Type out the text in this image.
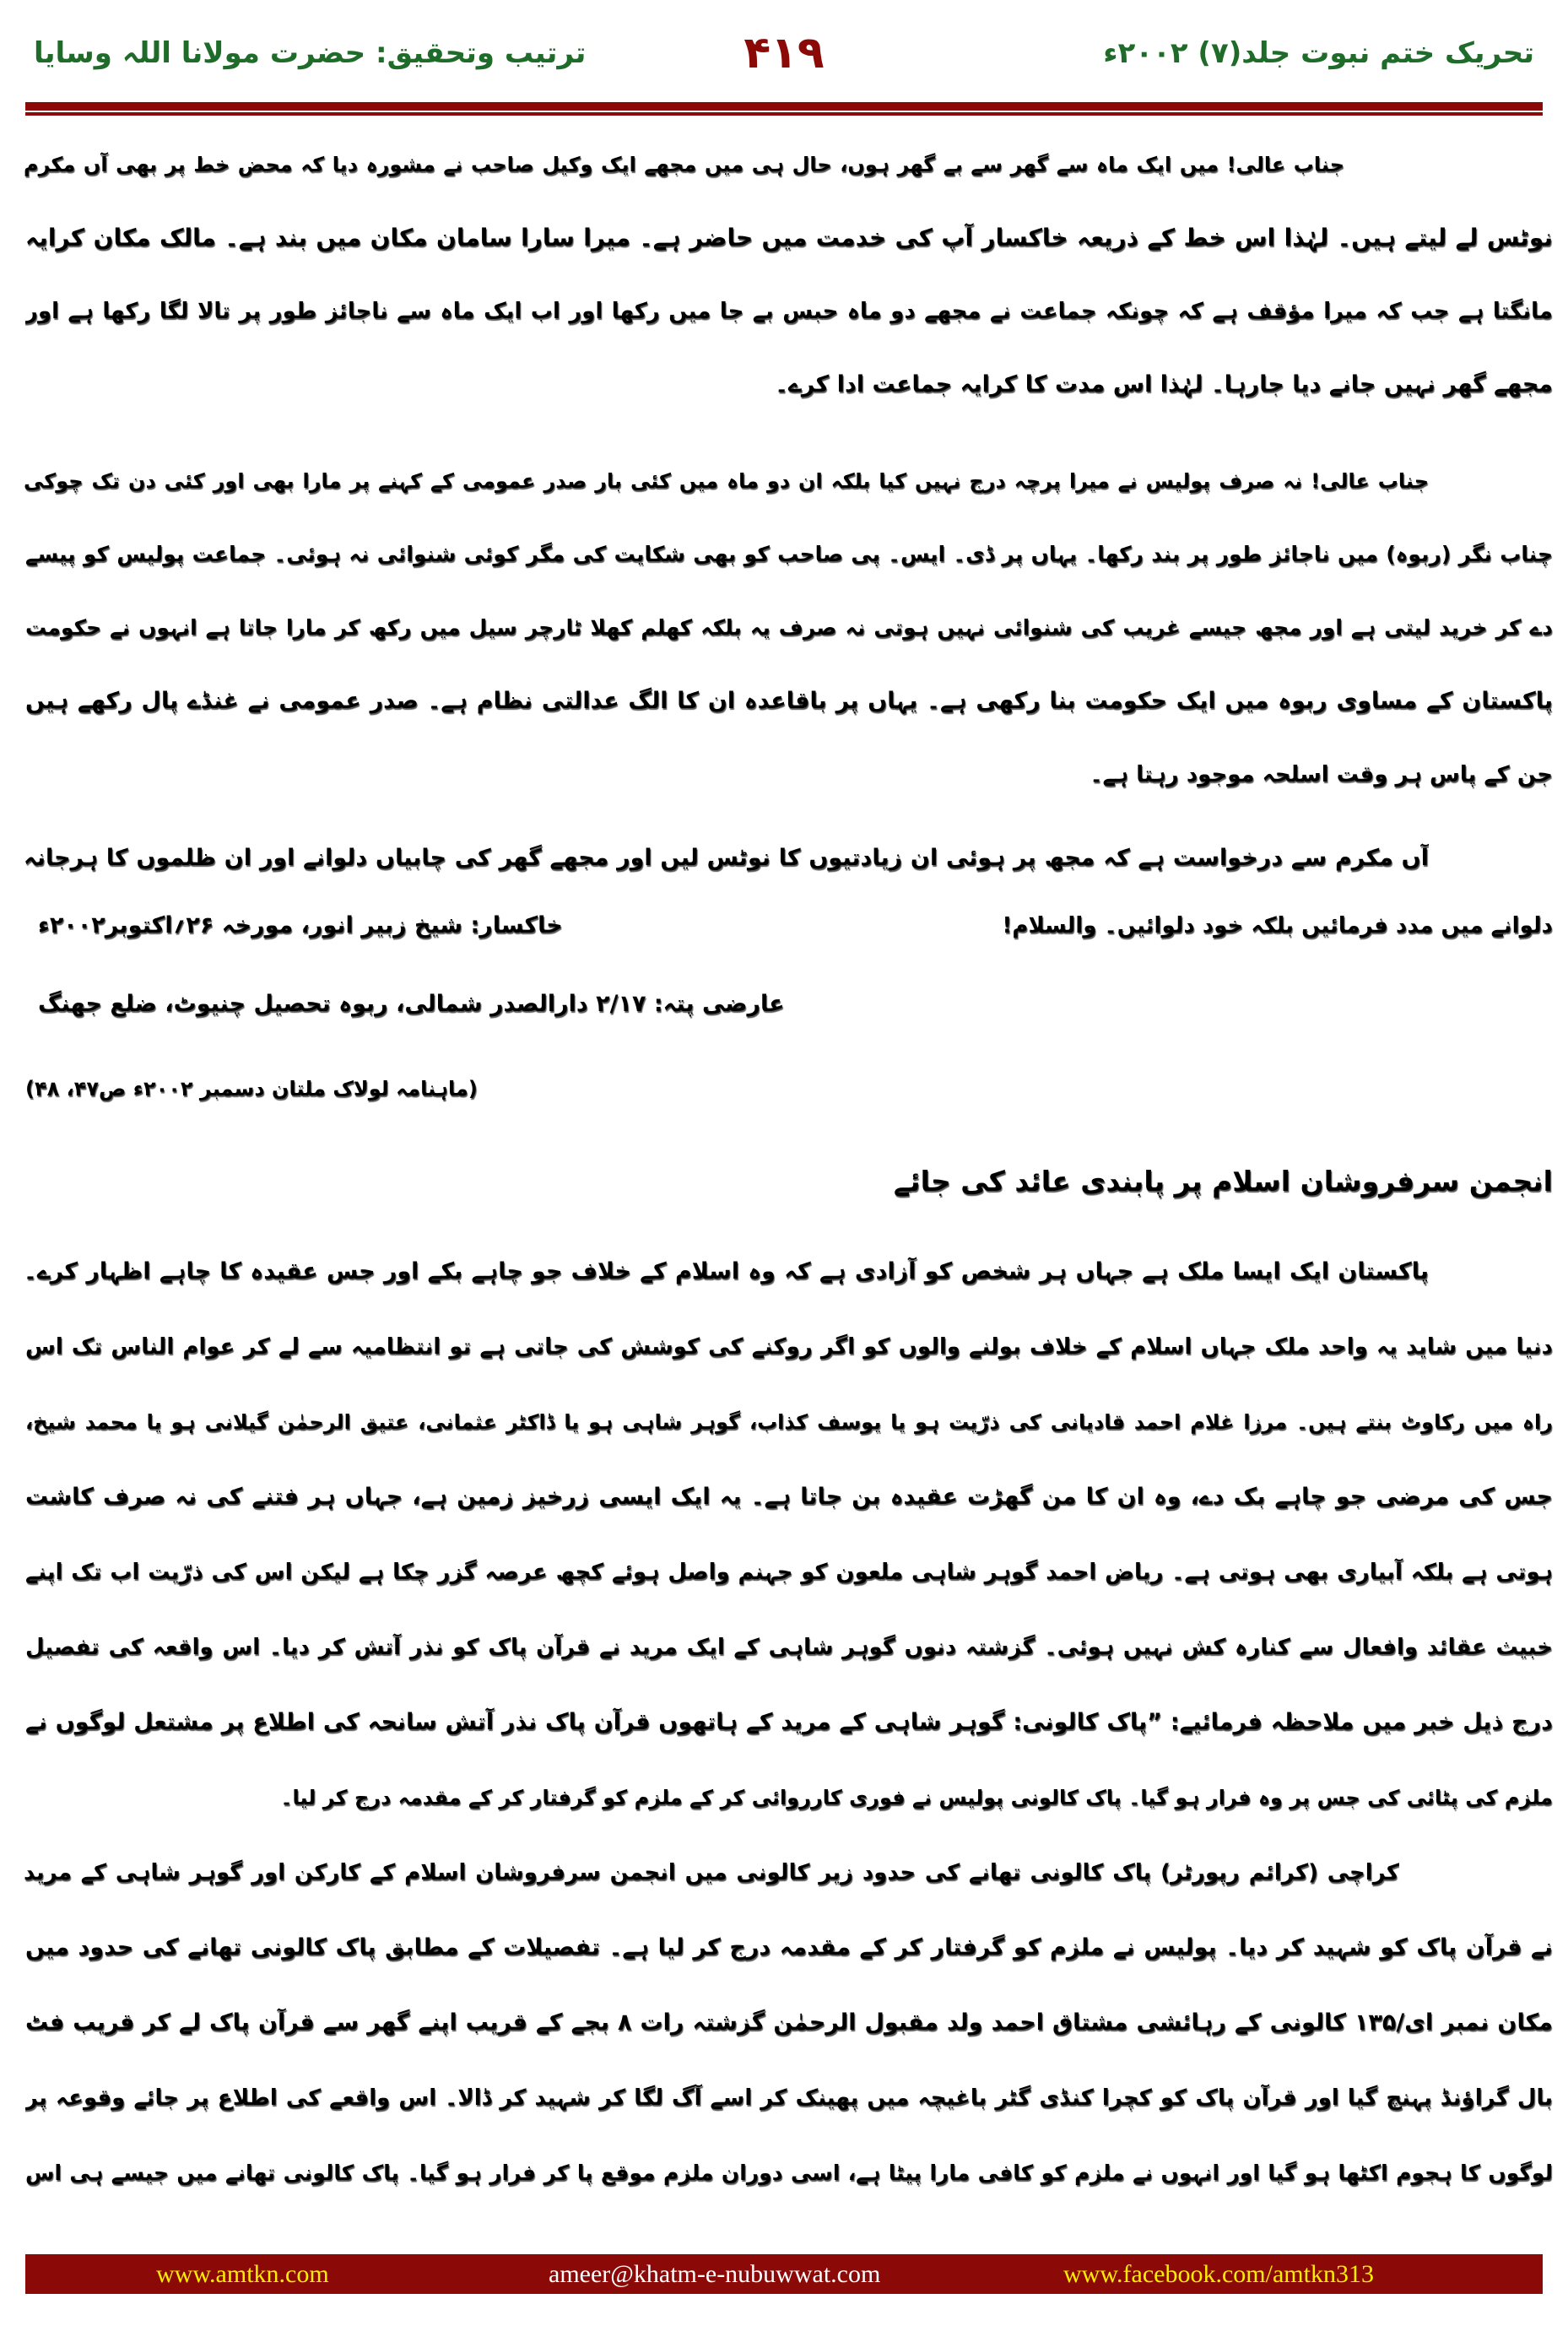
تحریک ختم نبوت جلد(۷) ۲۰۰۲ء
۴۱۹
ترتیب وتحقیق: حضرت مولانا اللہ وسایا
جناب عالی! میں ایک ماہ سے گھر سے بے گھر ہوں، حال ہی میں مجھے ایک وکیل صاحب نے مشورہ دیا کہ محض خط پر بھی آں مکرم
نوٹس لے لیتے ہیں۔ لہٰذا اس خط کے ذریعہ خاکسار آپ کی خدمت میں حاضر ہے۔ میرا سارا سامان مکان میں بند ہے۔ مالک مکان کرایہ
مانگتا ہے جب کہ میرا مؤقف ہے کہ چونکہ جماعت نے مجھے دو ماہ حبس بے جا میں رکھا اور اب ایک ماہ سے ناجائز طور پر تالا لگا رکھا ہے اور
مجھے گھر نہیں جانے دیا جارہا۔ لہٰذا اس مدت کا کرایہ جماعت ادا کرے۔
جناب عالی! نہ صرف پولیس نے میرا پرچہ درج نہیں کیا بلکہ ان دو ماہ میں کئی بار صدر عمومی کے کہنے پر مارا بھی اور کئی دن تک چوکی
چناب نگر (ربوہ) میں ناجائز طور پر بند رکھا۔ یہاں پر ڈی۔ ایس۔ پی صاحب کو بھی شکایت کی مگر کوئی شنوائی نہ ہوئی۔ جماعت پولیس کو پیسے
دے کر خرید لیتی ہے اور مجھ جیسے غریب کی شنوائی نہیں ہوتی نہ صرف یہ بلکہ کھلم کھلا ٹارچر سیل میں رکھ کر مارا جاتا ہے انہوں نے حکومت
پاکستان کے مساوی ربوہ میں ایک حکومت بنا رکھی ہے۔ یہاں پر باقاعدہ ان کا الگ عدالتی نظام ہے۔ صدر عمومی نے غنڈے پال رکھے ہیں
جن کے پاس ہر وقت اسلحہ موجود رہتا ہے۔
آں مکرم سے درخواست ہے کہ مجھ پر ہوئی ان زیادتیوں کا نوٹس لیں اور مجھے گھر کی چابیاں دلوانے اور ان ظلموں کا ہرجانہ
دلوانے میں مدد فرمائیں بلکہ خود دلوائیں۔ والسلام!
خاکسار: شیخ زبیر انور، مورخہ ۲۶؍اکتوبر۲۰۰۲ء
عارضی پتہ: ۲/۱۷ دارالصدر شمالی، ربوہ تحصیل چنیوٹ، ضلع جھنگ
(ماہنامہ لولاک ملتان دسمبر ۲۰۰۲ء ص۴۷، ۴۸)
انجمن سرفروشان اسلام پر پابندی عائد کی جائے
پاکستان ایک ایسا ملک ہے جہاں ہر شخص کو آزادی ہے کہ وہ اسلام کے خلاف جو چاہے بکے اور جس عقیدہ کا چاہے اظہار کرے۔
دنیا میں شاید یہ واحد ملک جہاں اسلام کے خلاف بولنے والوں کو اگر روکنے کی کوشش کی جاتی ہے تو انتظامیہ سے لے کر عوام الناس تک اس
راہ میں رکاوٹ بنتے ہیں۔ مرزا غلام احمد قادیانی کی ذرّیت ہو یا یوسف کذاب، گوہر شاہی ہو یا ڈاکٹر عثمانی، عتیق الرحمٰن گیلانی ہو یا محمد شیخ،
جس کی مرضی جو چاہے بک دے، وہ ان کا من گھڑت عقیدہ بن جاتا ہے۔ یہ ایک ایسی زرخیز زمین ہے، جہاں ہر فتنے کی نہ صرف کاشت
ہوتی ہے بلکہ آبیاری بھی ہوتی ہے۔ ریاض احمد گوہر شاہی ملعون کو جہنم واصل ہوئے کچھ عرصہ گزر چکا ہے لیکن اس کی ذرّیت اب تک اپنے
خبیث عقائد وافعال سے کنارہ کش نہیں ہوئی۔ گزشتہ دنوں گوہر شاہی کے ایک مرید نے قرآن پاک کو نذر آتش کر دیا۔ اس واقعہ کی تفصیل
درج ذیل خبر میں ملاحظہ فرمائیے: ”پاک کالونی: گوہر شاہی کے مرید کے ہاتھوں قرآن پاک نذر آتش سانحہ کی اطلاع پر مشتعل لوگوں نے
ملزم کی پٹائی کی جس پر وہ فرار ہو گیا۔ پاک کالونی پولیس نے فوری کارروائی کر کے ملزم کو گرفتار کر کے مقدمہ درج کر لیا۔
کراچی (کرائم رپورٹر) پاک کالونی تھانے کی حدود زیر کالونی میں انجمن سرفروشان اسلام کے کارکن اور گوہر شاہی کے مرید
نے قرآن پاک کو شہید کر دیا۔ پولیس نے ملزم کو گرفتار کر کے مقدمہ درج کر لیا ہے۔ تفصیلات کے مطابق پاک کالونی تھانے کی حدود میں
مکان نمبر ای/۱۳۵ کالونی کے رہائشی مشتاق احمد ولد مقبول الرحمٰن گزشتہ رات ۸ بجے کے قریب اپنے گھر سے قرآن پاک لے کر قریب فٹ
بال گراؤنڈ پہنچ گیا اور قرآن پاک کو کچرا کنڈی گٹر باغیچہ میں پھینک کر اسے آگ لگا کر شہید کر ڈالا۔ اس واقعے کی اطلاع پر جائے وقوعہ پر
لوگوں کا ہجوم اکٹھا ہو گیا اور انہوں نے ملزم کو کافی مارا پیٹا ہے، اسی دوران ملزم موقع پا کر فرار ہو گیا۔ پاک کالونی تھانے میں جیسے ہی اس
www.amtkn.com	ameer@khatm-e-nubuwwat.com	www.facebook.com/amtkn313
